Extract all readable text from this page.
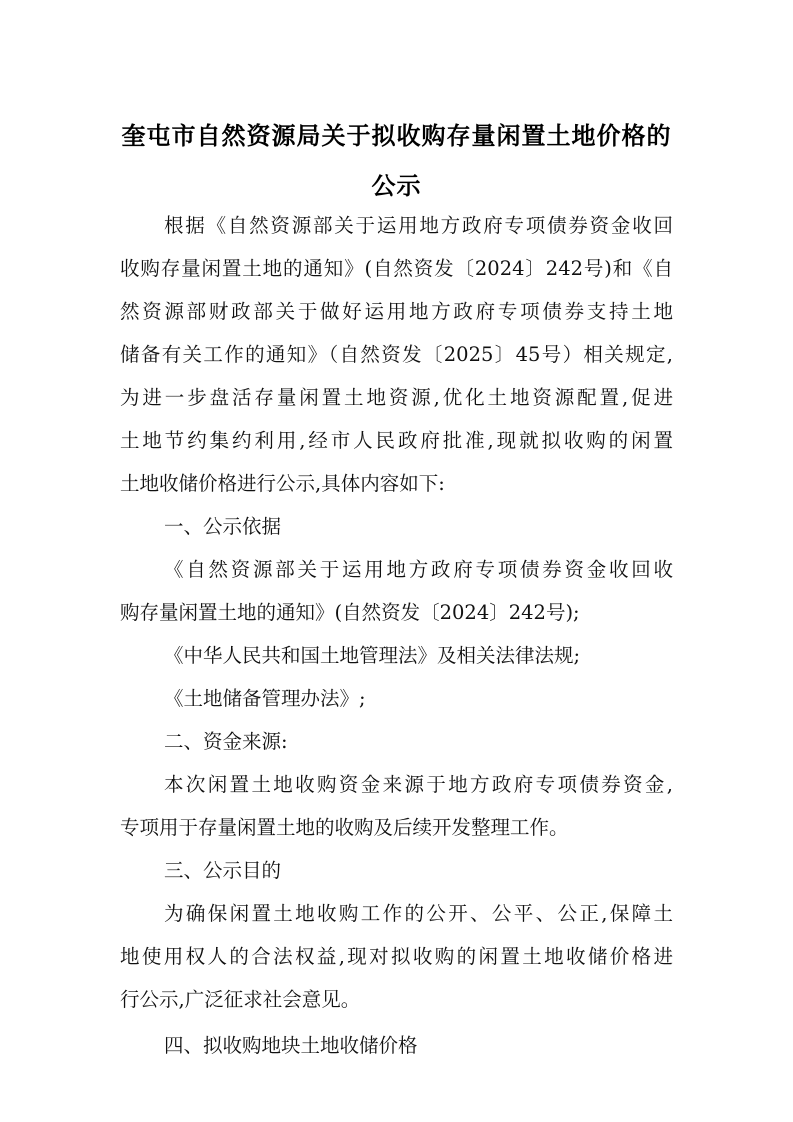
奎屯市自然资源局关于拟收购存量闲置土地价格的
公示
根据《自然资源部关于运用地方政府专项债券资金收回
收购存量闲置土地的通知》(自然资发〔2024〕242号)和《自
然资源部财政部关于做好运用地方政府专项债券支持土地
储备有关工作的通知》（自然资发〔2025〕45号）相关规定,
为进一步盘活存量闲置土地资源,优化土地资源配置,促进
土地节约集约利用,经市人民政府批准,现就拟收购的闲置
土地收储价格进行公示,具体内容如下:
一、公示依据
《自然资源部关于运用地方政府专项债券资金收回收
购存量闲置土地的通知》(自然资发〔2024〕242号);
《中华人民共和国土地管理法》及相关法律法规;
《土地储备管理办法》;
二、资金来源:
本次闲置土地收购资金来源于地方政府专项债券资金,
专项用于存量闲置土地的收购及后续开发整理工作。
三、公示目的
为确保闲置土地收购工作的公开、公平、公正,保障土
地使用权人的合法权益,现对拟收购的闲置土地收储价格进
行公示,广泛征求社会意见。
四、拟收购地块土地收储价格
